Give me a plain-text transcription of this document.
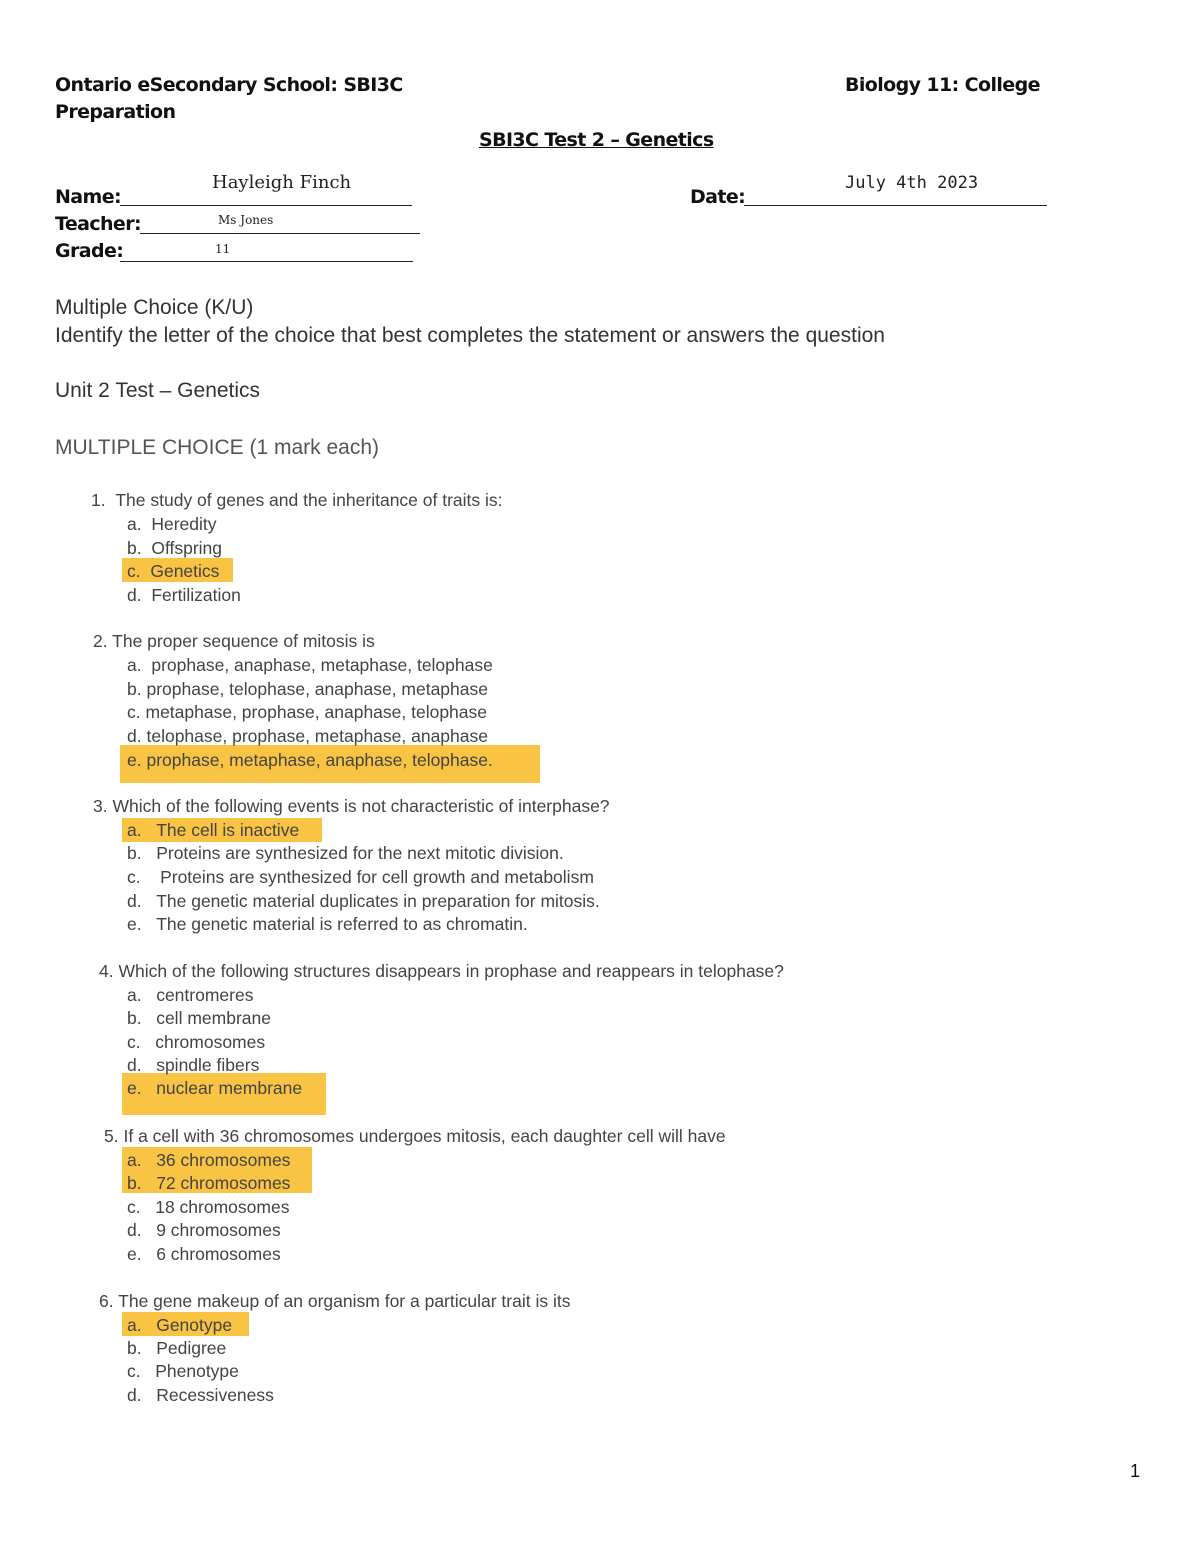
Ontario eSecondary School: SBI3C
Preparation
Biology 11: College
SBI3C Test 2 – Genetics
Name:
Hayleigh Finch
Teacher:	Ms Jones
Grade:	11
Date:
July 4th 2023
Multiple Choice (K/U)
Identify the letter of the choice that best completes the statement or answers the question
Unit 2 Test – Genetics
MULTIPLE CHOICE (1 mark each)
1. The study of genes and the inheritance of traits is:
a. Heredity
b. Offspring
c. Genetics
d. Fertilization
2. The proper sequence of mitosis is
a. prophase, anaphase, metaphase, telophase
b. prophase, telophase, anaphase, metaphase
c. metaphase, prophase, anaphase, telophase
d. telophase, prophase, metaphase, anaphase
e. prophase, metaphase, anaphase, telophase.
3. Which of the following events is not characteristic of interphase?
a. The cell is inactive
b. Proteins are synthesized for the next mitotic division.
c. Proteins are synthesized for cell growth and metabolism
d. The genetic material duplicates in preparation for mitosis.
e. The genetic material is referred to as chromatin.
4. Which of the following structures disappears in prophase and reappears in telophase?
a. centromeres
b. cell membrane
c. chromosomes
d. spindle fibers
e. nuclear membrane
5. If a cell with 36 chromosomes undergoes mitosis, each daughter cell will have
a. 36 chromosomes
b. 72 chromosomes
c. 18 chromosomes
d. 9 chromosomes
e. 6 chromosomes
6. The gene makeup of an organism for a particular trait is its
a. Genotype
b. Pedigree
c. Phenotype
d. Recessiveness
1
